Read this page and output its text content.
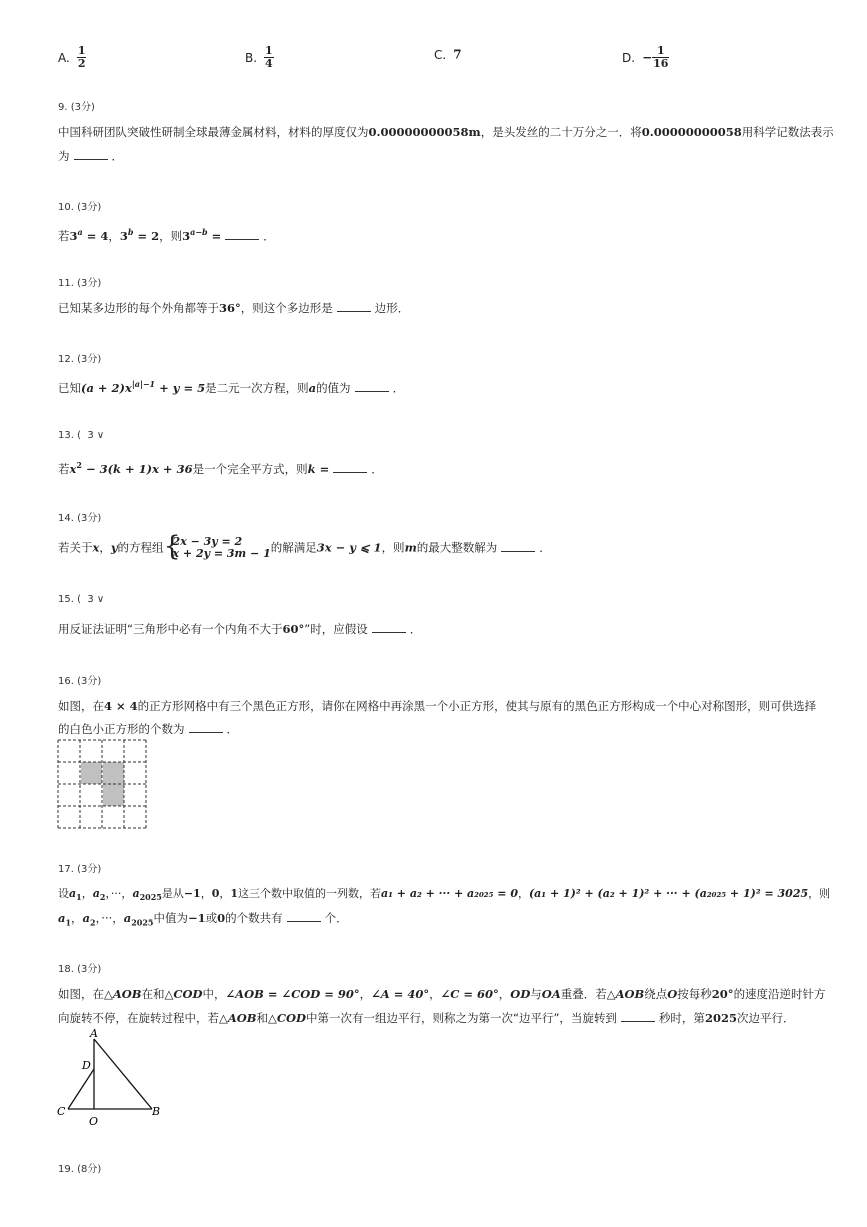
A. $\frac{1}{2}$	B. $\frac{1}{4}$	C. 7	D. − $\frac{1}{16}$
9. (3分)
中国科研团队突破性研制全球最薄金属材料，材料的厚度仅为0.00000000058m，是头发丝的二十万分之一．将0.00000000058用科学记数法表示
为	．
10. (3分)
若$3^a = 4$，$3^b = 2$，则$3^{a-b}$ =	．
11. (3分)
已知某多边形的每个外角都等于36°，则这个多边形是	边形．
12. (3分)
已知$(a + 2)x^{|a|-1} + y = 5$是二元一次方程，则a的值为	．
13. ( 3 ∨
若$x^2 - 3(k + 1)x + 36$是一个完全平方式，则k =	．
14. (3分)
若关于x，y的方程组 {
2x − 3y = 2
x + 2y = 3m − 1 的解满足3x − y ⩽ 1，则m的最大整数解为	．
15. ( 3 ∨
用反证法证明“三角形中必有一个内角不大于60°”时，应假设	．
16. (3分)
如图，在4 × 4的正方形网格中有三个黑色正方形，请你在网格中再涂黑一个小正方形，使其与原有的黑色正方形构成一个中心对称图形，则可供选择
的白色小正方形的个数为	．
17. (3分)
设$a_1$，$a_2$，···，$a_{2025}$是从−1，0，1这三个数中取值的一列数，若a₁ + a₂ + ··· + a₂₀₂₅ = 0，(a₁ + 1)² + (a₂ + 1)² + ··· + (a₂₀₂₅ + 1)² = 3025，则
$a_1$，$a_2$，···，$a_{2025}$中值为−1或0的个数共有	个．
18. (3分)
如图，在△AOB在和△COD中，∠AOB = ∠COD = 90°，∠A = 40°，∠C = 60°，OD与OA重叠．若△AOB绕点O按每秒20°的速度沿逆时针方
向旋转不停，在旋转过程中，若△AOB和△COD中第一次有一组边平行，则称之为第一次“边平行”，当旋转到	秒时，第2025次边平行．
A
D
C
O
B
19. (8分)
